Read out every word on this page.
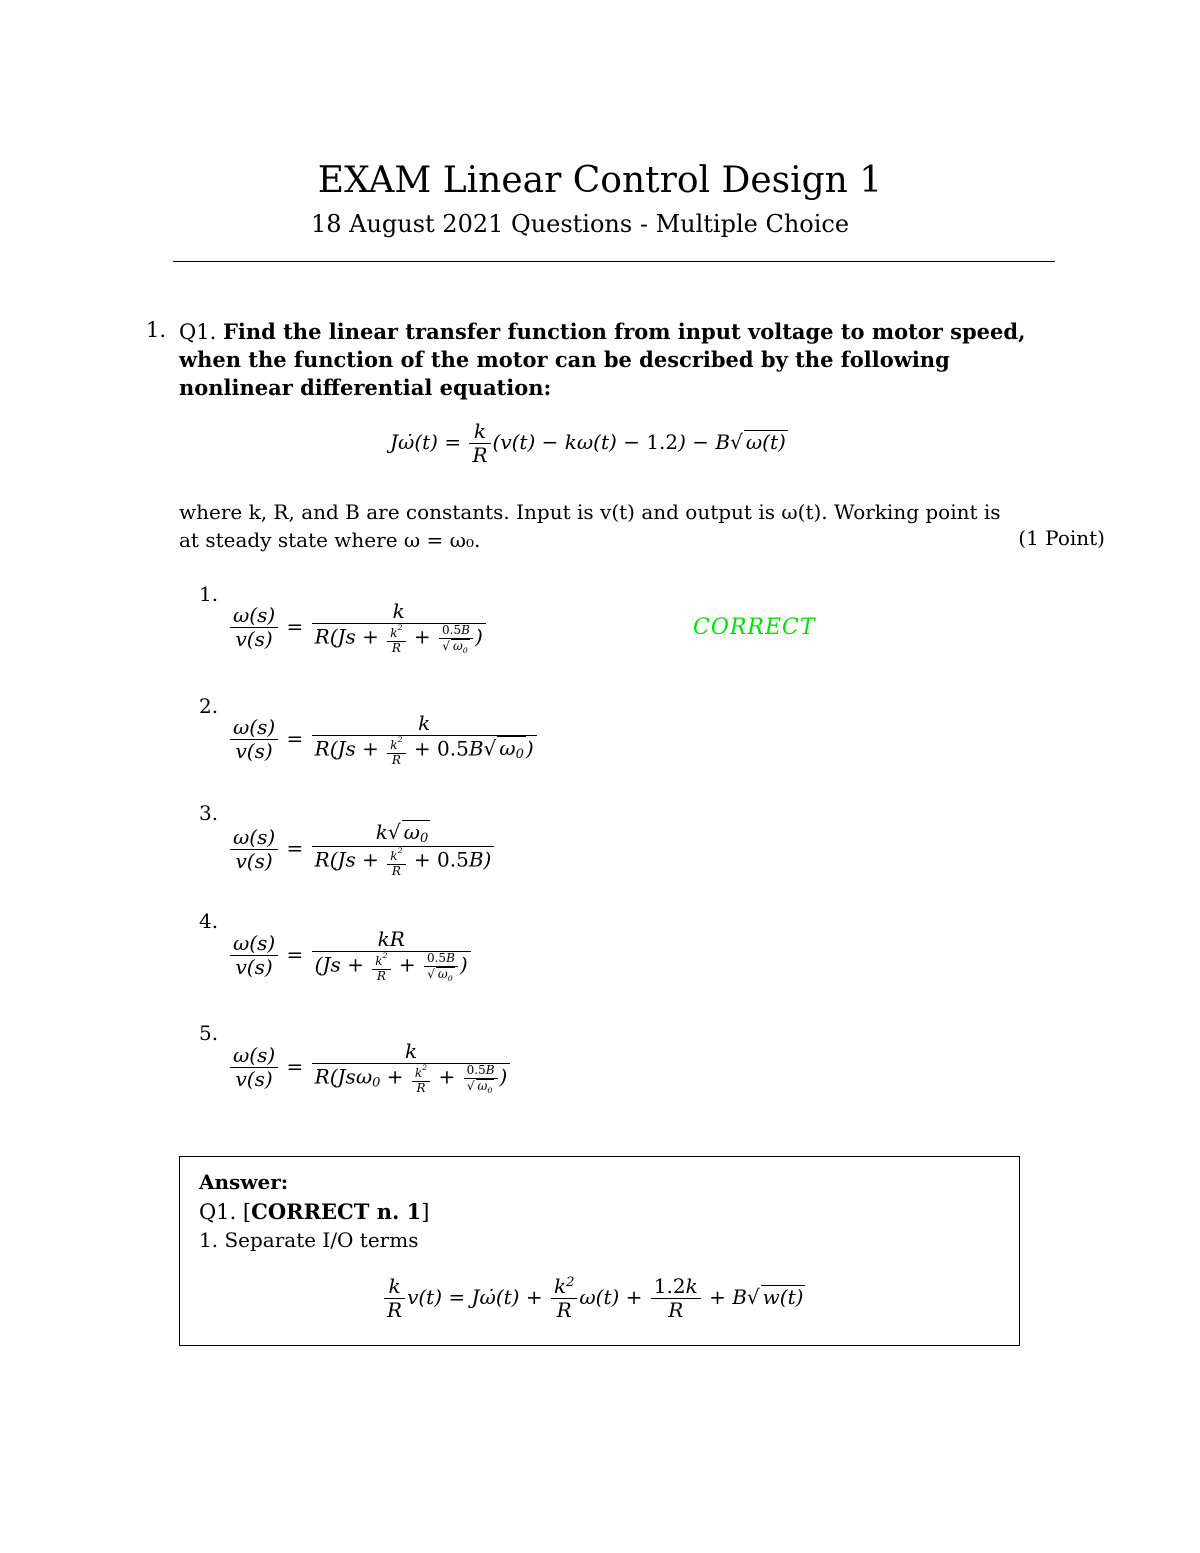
EXAM Linear Control Design 1
18 August 2021 Questions - Multiple Choice
1. Q1. Find the linear transfer function from input voltage to motor speed, when the function of the motor can be described by the following nonlinear differential equation:
Jω̇(t) = $\frac{k}{R} (v(t) - k\omega(t) - 1.2) - B√$ ω(t)
where k, R, and B are constants. Input is v(t) and output is ω(t). Working point is
at steady state where ω = ω₀.	(1 Point)
1.
$\frac{\omega(s)}{v(s)} = \frac{k}{R(Js + \frac{k^2}{R} + \frac{0.5B}{√ \omega_0} )}$	CORRECT
2.
$\frac{\omega(s)}{v(s)} = \frac{k}{R(Js + \frac{k^2}{R} + 0.5B√ \omega_0 )}$
3.
$\frac{\omega(s)}{v(s)} = \frac{k√ \omega_0}{R(Js + \frac{k^2}{R} + 0.5B)}$
4.
$\frac{\omega(s)}{v(s)} = \frac{kR}{(Js + \frac{k^2}{R} + \frac{0.5B}{√ \omega_0} )}$
5.
$\frac{\omega(s)}{v(s)} = \frac{k}{R(Js\omega_0 + \frac{k^2}{R} + \frac{0.5B}{√ \omega_0} )}$
Answer:
Q1. [CORRECT n. 1]
1. Separate I/O terms
$\frac{k}{R} v(t)$ = Jω̇(t) + $\frac{k^2}{R} \omega(t) + \frac{1.2k}{R} + B√$ w(t)
